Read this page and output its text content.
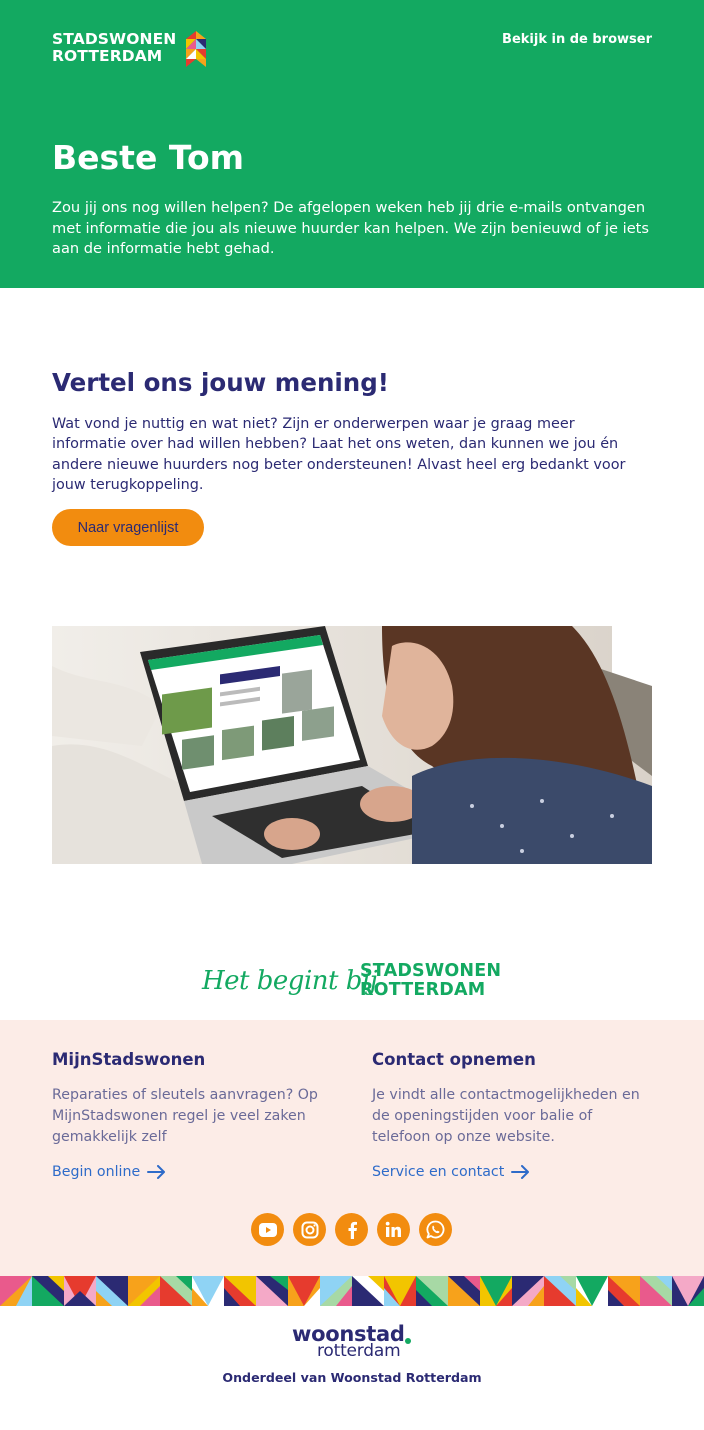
STADSWONEN
ROTTERDAM
Bekijk in de browser
Beste Tom

Zou jij ons nog willen helpen? De afgelopen weken heb jij drie e-mails ontvangen met informatie die jou als nieuwe huurder kan helpen. We zijn benieuwd of je iets aan de informatie hebt gehad.

Vertel ons jouw mening!

Wat vond je nuttig en wat niet? Zijn er onderwerpen waar je graag meer informatie over had willen hebben? Laat het ons weten, dan kunnen we jou én andere nieuwe huurders nog beter ondersteunen! Alvast heel erg bedankt voor jouw terugkoppeling.

Naar vragenlijst
Het begint bij
STADSWONEN
ROTTERDAM
MijnStadswonen
Reparaties of sleutels aanvragen? Op MijnStadswonen regel je veel zaken gemakkelijk zelf
Begin online
Contact opnemen
Je vindt alle contactmogelijkheden en de openingstijden voor balie of telefoon op onze website.
Service en contact
woonstad
rotterdam
Onderdeel van Woonstad Rotterdam
